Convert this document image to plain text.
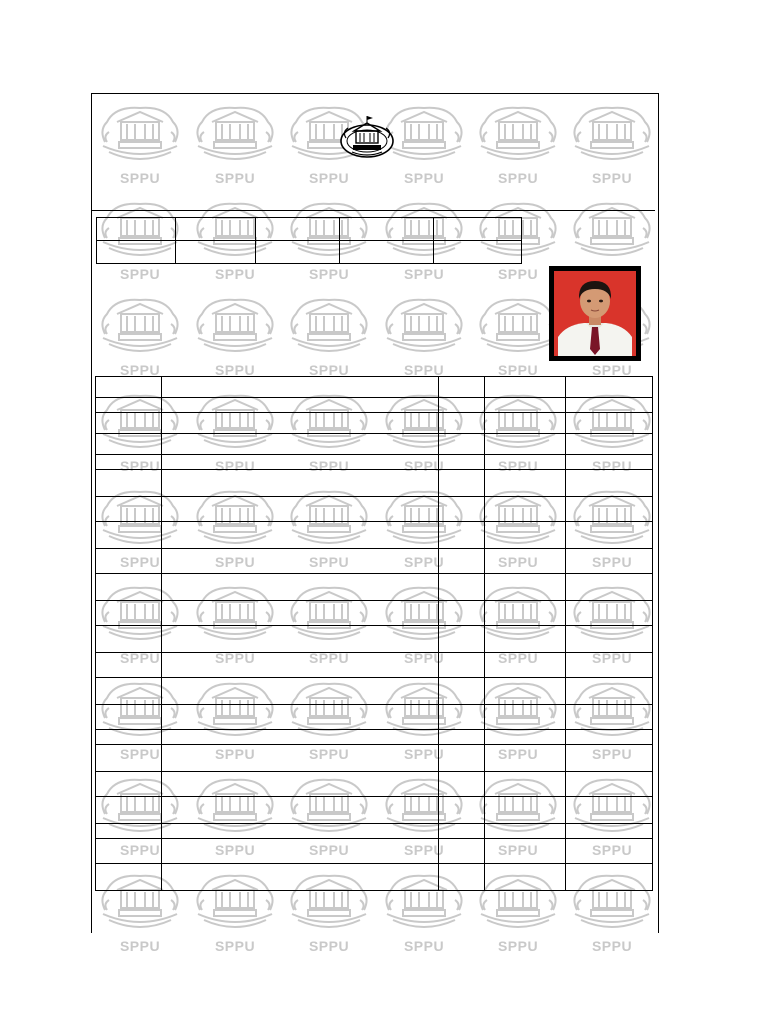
SPPU	SPPU	SPPU	SPPU	SPPU	SPPU
SPPU	SPPU	SPPU	SPPU	SPPU
SPPU	SPPU	SPPU	SPPU	SPPU	SPPU
SPPU	SPPU	SPPU	SPPU	SPPU	SPPU
SPPU	SPPU	SPPU	SPPU	SPPU	SPPU
SPPU	SPPU	SPPU	SPPU	SPPU	SPPU
SPPU	SPPU	SPPU	SPPU	SPPU	SPPU
SPPU	SPPU	SPPU	SPPU	SPPU	SPPU
SPPU	SPPU	SPPU	SPPU	SPPU	SPPU
